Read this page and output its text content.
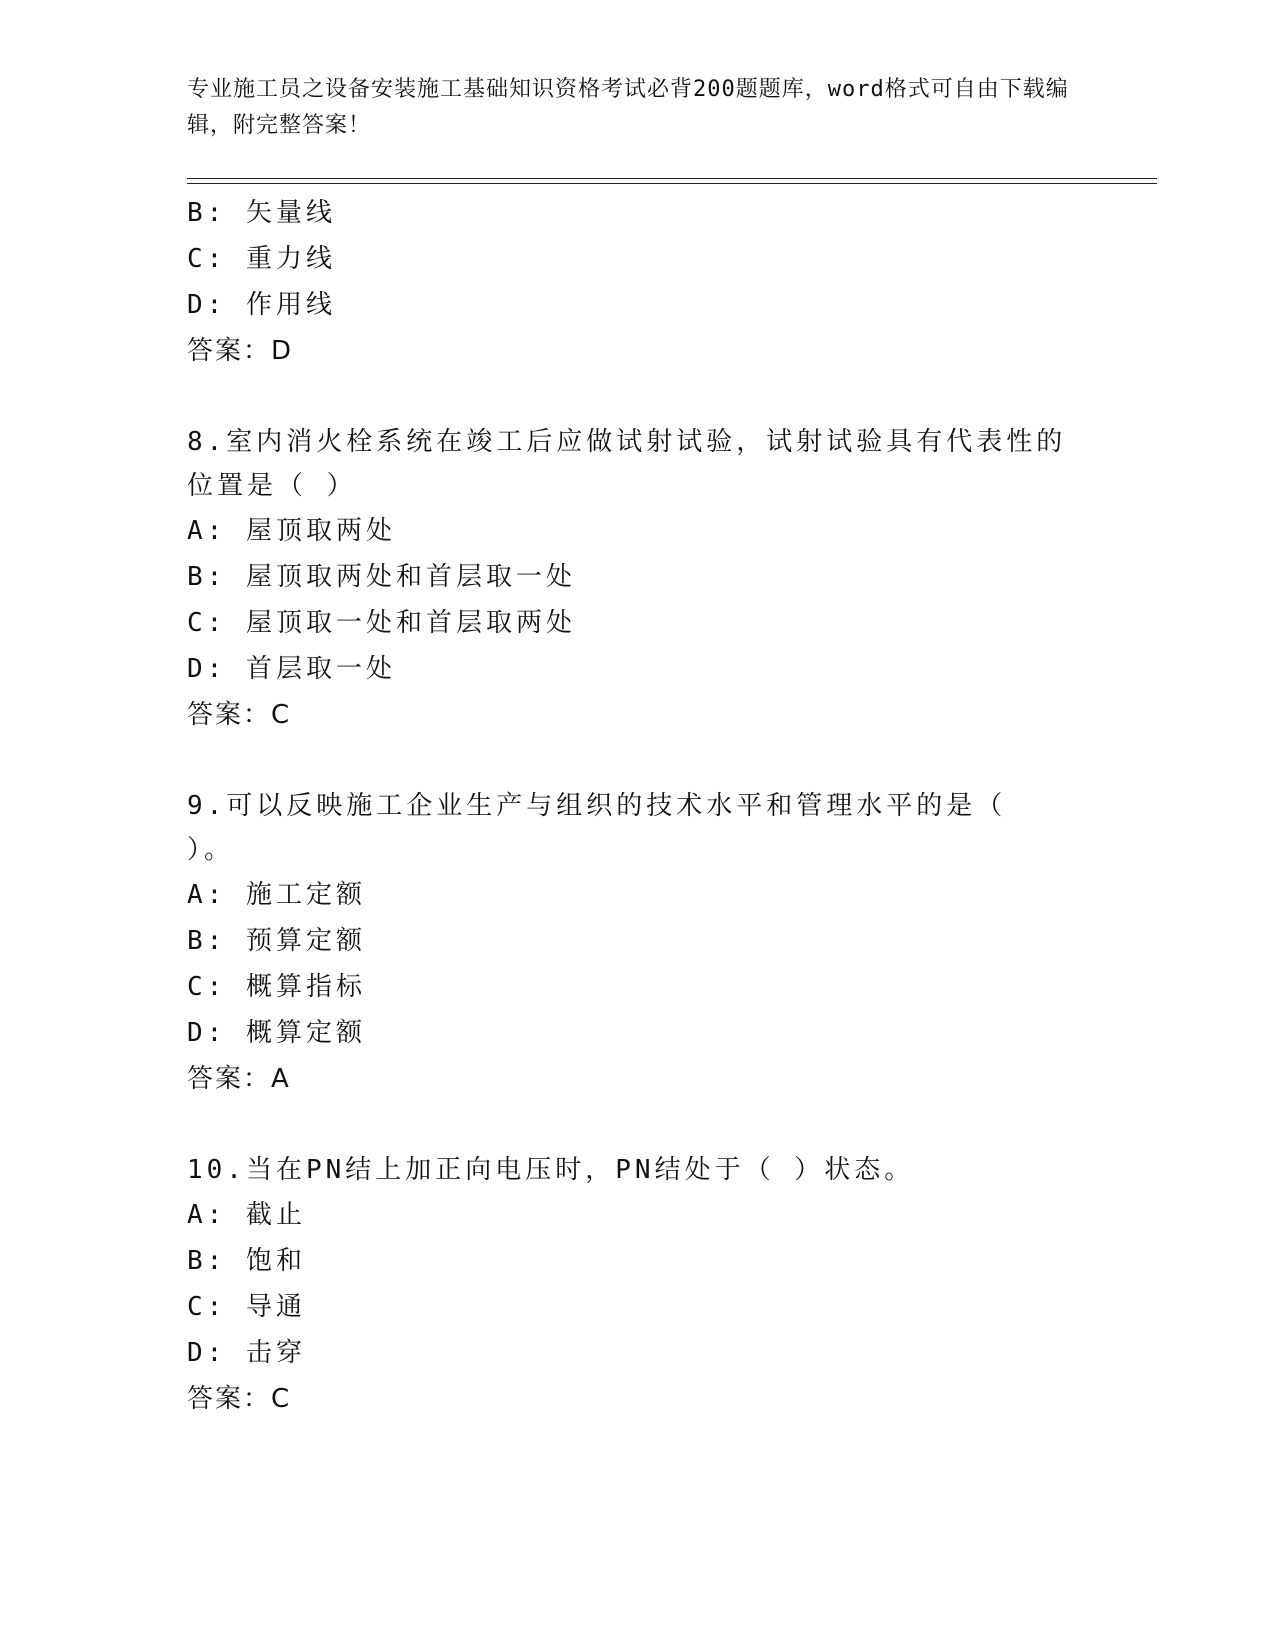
专业施工员之设备安装施工基础知识资格考试必背200题题库，word格式可自由下载编辑，附完整答案！
B: 矢量线
C: 重力线
D: 作用线
答案：D
8.室内消火栓系统在竣工后应做试射试验，试射试验具有代表性的位置是（ ）
A: 屋顶取两处
B: 屋顶取两处和首层取一处
C: 屋顶取一处和首层取两处
D: 首层取一处
答案：C
9.可以反映施工企业生产与组织的技术水平和管理水平的是（ ）。
A: 施工定额
B: 预算定额
C: 概算指标
D: 概算定额
答案：A
10.当在PN结上加正向电压时，PN结处于（ ）状态。
A: 截止
B: 饱和
C: 导通
D: 击穿
答案：C
